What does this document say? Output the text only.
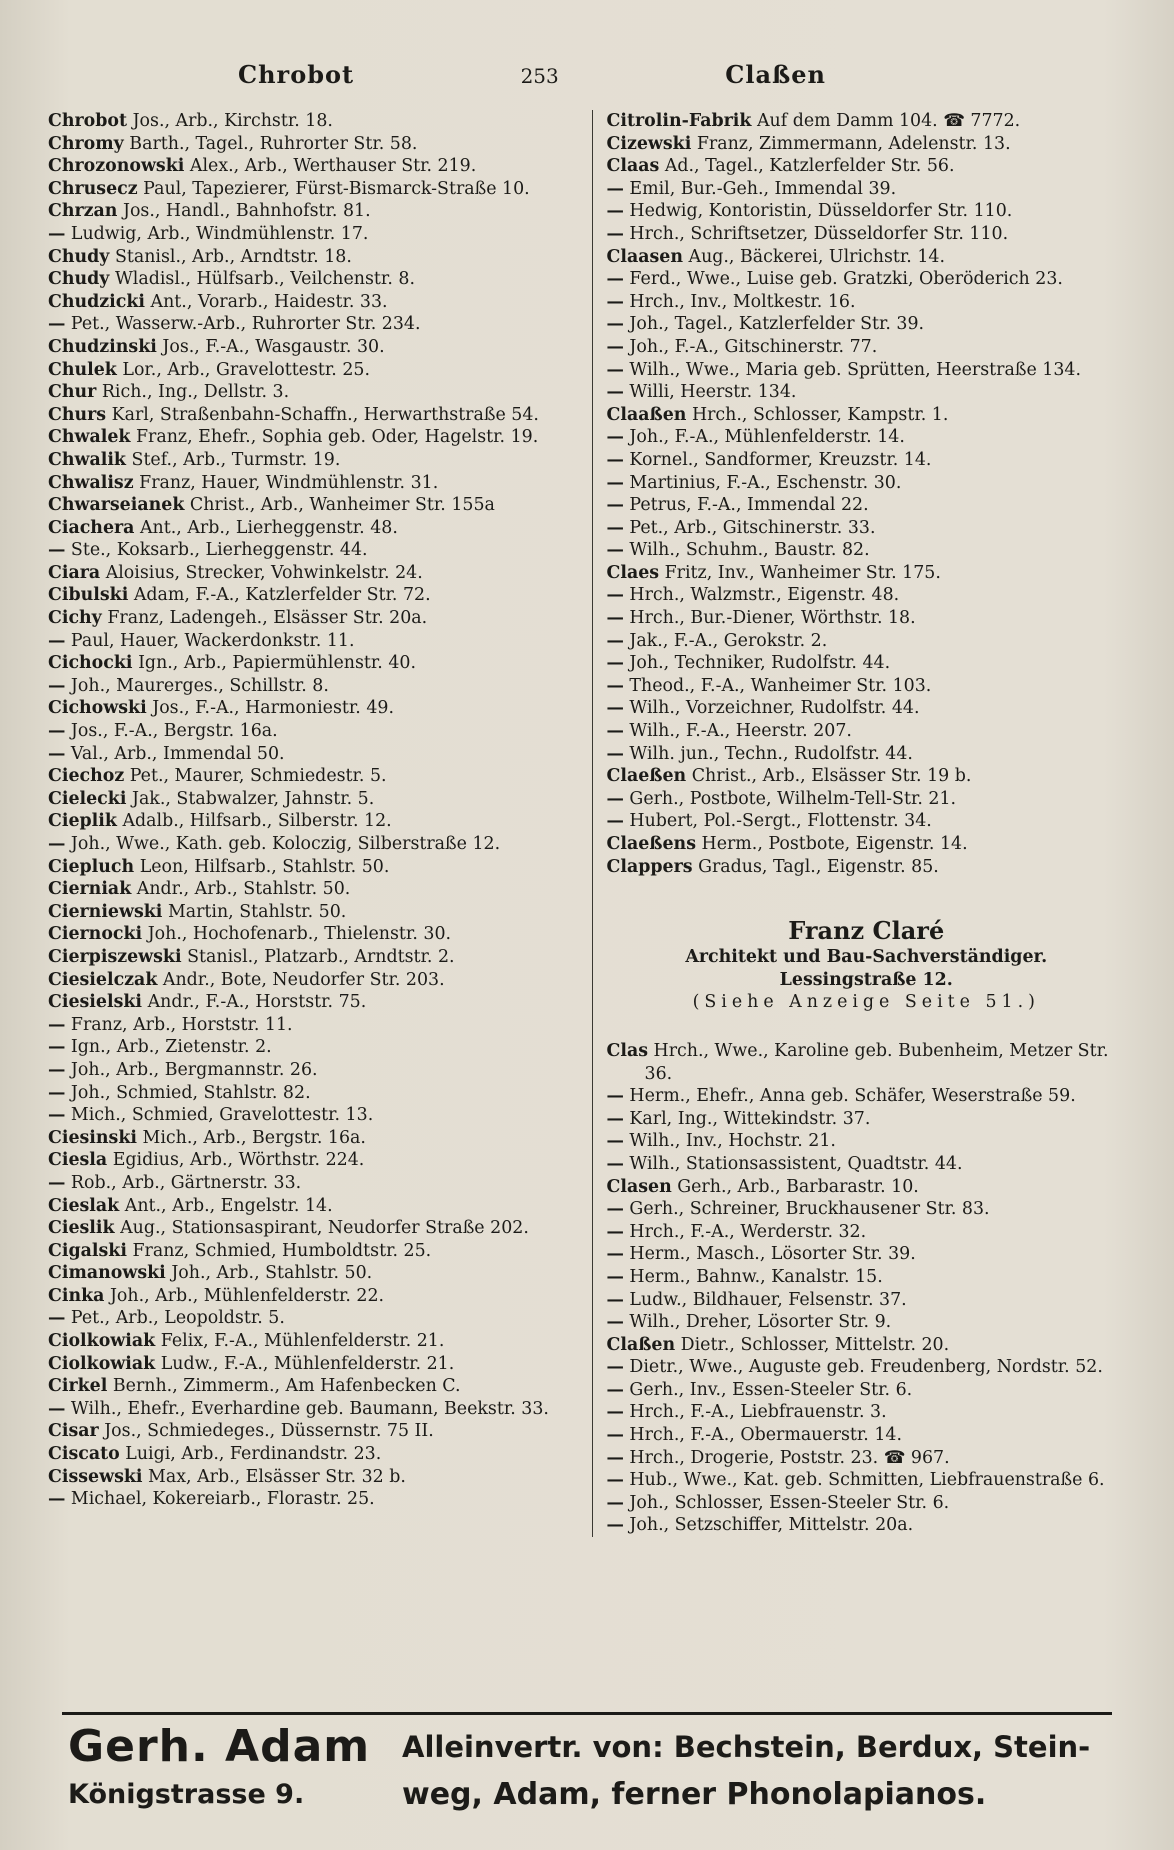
Chrobot	253	Claßen
Chrobot Jos., Arb., Kirchstr. 18.
Chromy Barth., Tagel., Ruhrorter Str. 58.
Chrozonowski Alex., Arb., Werthauser Str. 219.
Chrusecz Paul, Tapezierer, Fürst-Bismarck-Straße 10.
Chrzan Jos., Handl., Bahnhofstr. 81.
— Ludwig, Arb., Windmühlenstr. 17.
Chudy Stanisl., Arb., Arndtstr. 18.
Chudy Wladisl., Hülfsarb., Veilchenstr. 8.
Chudzicki Ant., Vorarb., Haidestr. 33.
— Pet., Wasserw.-Arb., Ruhrorter Str. 234.
Chudzinski Jos., F.-A., Wasgaustr. 30.
Chulek Lor., Arb., Gravelottestr. 25.
Chur Rich., Ing., Dellstr. 3.
Churs Karl, Straßenbahn-Schaffn., Herwarthstraße 54.
Chwalek Franz, Ehefr., Sophia geb. Oder, Hagelstr. 19.
Chwalik Stef., Arb., Turmstr. 19.
Chwalisz Franz, Hauer, Windmühlenstr. 31.
Chwarseianek Christ., Arb., Wanheimer Str. 155a
Ciachera Ant., Arb., Lierheggenstr. 48.
— Ste., Koksarb., Lierheggenstr. 44.
Ciara Aloisius, Strecker, Vohwinkelstr. 24.
Cibulski Adam, F.-A., Katzlerfelder Str. 72.
Cichy Franz, Ladengeh., Elsässer Str. 20a.
— Paul, Hauer, Wackerdonkstr. 11.
Cichocki Ign., Arb., Papiermühlenstr. 40.
— Joh., Maurerges., Schillstr. 8.
Cichowski Jos., F.-A., Harmoniestr. 49.
— Jos., F.-A., Bergstr. 16a.
— Val., Arb., Immendal 50.
Ciechoz Pet., Maurer, Schmiedestr. 5.
Cielecki Jak., Stabwalzer, Jahnstr. 5.
Cieplik Adalb., Hilfsarb., Silberstr. 12.
— Joh., Wwe., Kath. geb. Koloczig, Silberstraße 12.
Ciepluch Leon, Hilfsarb., Stahlstr. 50.
Cierniak Andr., Arb., Stahlstr. 50.
Cierniewski Martin, Stahlstr. 50.
Ciernocki Joh., Hochofenarb., Thielenstr. 30.
Cierpiszewski Stanisl., Platzarb., Arndtstr. 2.
Ciesielczak Andr., Bote, Neudorfer Str. 203.
Ciesielski Andr., F.-A., Horststr. 75.
— Franz, Arb., Horststr. 11.
— Ign., Arb., Zietenstr. 2.
— Joh., Arb., Bergmannstr. 26.
— Joh., Schmied, Stahlstr. 82.
— Mich., Schmied, Gravelottestr. 13.
Ciesinski Mich., Arb., Bergstr. 16a.
Ciesla Egidius, Arb., Wörthstr. 224.
— Rob., Arb., Gärtnerstr. 33.
Cieslak Ant., Arb., Engelstr. 14.
Cieslik Aug., Stationsaspirant, Neudorfer Straße 202.
Cigalski Franz, Schmied, Humboldtstr. 25.
Cimanowski Joh., Arb., Stahlstr. 50.
Cinka Joh., Arb., Mühlenfelderstr. 22.
— Pet., Arb., Leopoldstr. 5.
Ciolkowiak Felix, F.-A., Mühlenfelderstr. 21.
Ciolkowiak Ludw., F.-A., Mühlenfelderstr. 21.
Cirkel Bernh., Zimmerm., Am Hafenbecken C.
— Wilh., Ehefr., Everhardine geb. Baumann, Beekstr. 33.
Cisar Jos., Schmiedeges., Düssernstr. 75 II.
Ciscato Luigi, Arb., Ferdinandstr. 23.
Cissewski Max, Arb., Elsässer Str. 32 b.
— Michael, Kokereiarb., Florastr. 25.
Citrolin-Fabrik Auf dem Damm 104. ☎ 7772.
Cizewski Franz, Zimmermann, Adelenstr. 13.
Claas Ad., Tagel., Katzlerfelder Str. 56.
— Emil, Bur.-Geh., Immendal 39.
— Hedwig, Kontoristin, Düsseldorfer Str. 110.
— Hrch., Schriftsetzer, Düsseldorfer Str. 110.
Claasen Aug., Bäckerei, Ulrichstr. 14.
— Ferd., Wwe., Luise geb. Gratzki, Oberöderich 23.
— Hrch., Inv., Moltkestr. 16.
— Joh., Tagel., Katzlerfelder Str. 39.
— Joh., F.-A., Gitschinerstr. 77.
— Wilh., Wwe., Maria geb. Sprütten, Heerstraße 134.
— Willi, Heerstr. 134.
Claaßen Hrch., Schlosser, Kampstr. 1.
— Joh., F.-A., Mühlenfelderstr. 14.
— Kornel., Sandformer, Kreuzstr. 14.
— Martinius, F.-A., Eschenstr. 30.
— Petrus, F.-A., Immendal 22.
— Pet., Arb., Gitschinerstr. 33.
— Wilh., Schuhm., Baustr. 82.
Claes Fritz, Inv., Wanheimer Str. 175.
— Hrch., Walzmstr., Eigenstr. 48.
— Hrch., Bur.-Diener, Wörthstr. 18.
— Jak., F.-A., Gerokstr. 2.
— Joh., Techniker, Rudolfstr. 44.
— Theod., F.-A., Wanheimer Str. 103.
— Wilh., Vorzeichner, Rudolfstr. 44.
— Wilh., F.-A., Heerstr. 207.
— Wilh. jun., Techn., Rudolfstr. 44.
Claeßen Christ., Arb., Elsässer Str. 19 b.
— Gerh., Postbote, Wilhelm-Tell-Str. 21.
— Hubert, Pol.-Sergt., Flottenstr. 34.
Claeßens Herm., Postbote, Eigenstr. 14.
Clappers Gradus, Tagl., Eigenstr. 85.
Franz Claré
Architekt und Bau-Sachverständiger.
Lessingstraße 12.
(Siehe Anzeige Seite 51.)
Clas Hrch., Wwe., Karoline geb. Bubenheim, Metzer Str. 36.
— Herm., Ehefr., Anna geb. Schäfer, Weserstraße 59.
— Karl, Ing., Wittekindstr. 37.
— Wilh., Inv., Hochstr. 21.
— Wilh., Stationsassistent, Quadtstr. 44.
Clasen Gerh., Arb., Barbarastr. 10.
— Gerh., Schreiner, Bruckhausener Str. 83.
— Hrch., F.-A., Werderstr. 32.
— Herm., Masch., Lösorter Str. 39.
— Herm., Bahnw., Kanalstr. 15.
— Ludw., Bildhauer, Felsenstr. 37.
— Wilh., Dreher, Lösorter Str. 9.
Claßen Dietr., Schlosser, Mittelstr. 20.
— Dietr., Wwe., Auguste geb. Freudenberg, Nordstr. 52.
— Gerh., Inv., Essen-Steeler Str. 6.
— Hrch., F.-A., Liebfrauenstr. 3.
— Hrch., F.-A., Obermauerstr. 14.
— Hrch., Drogerie, Poststr. 23. ☎ 967.
— Hub., Wwe., Kat. geb. Schmitten, Liebfrauenstraße 6.
— Joh., Schlosser, Essen-Steeler Str. 6.
— Joh., Setzschiffer, Mittelstr. 20a.
Gerh. Adam
Königstrasse 9.
Alleinvertr. von: Bechstein, Berdux, Stein-
weg, Adam, ferner Phonolapianos.
